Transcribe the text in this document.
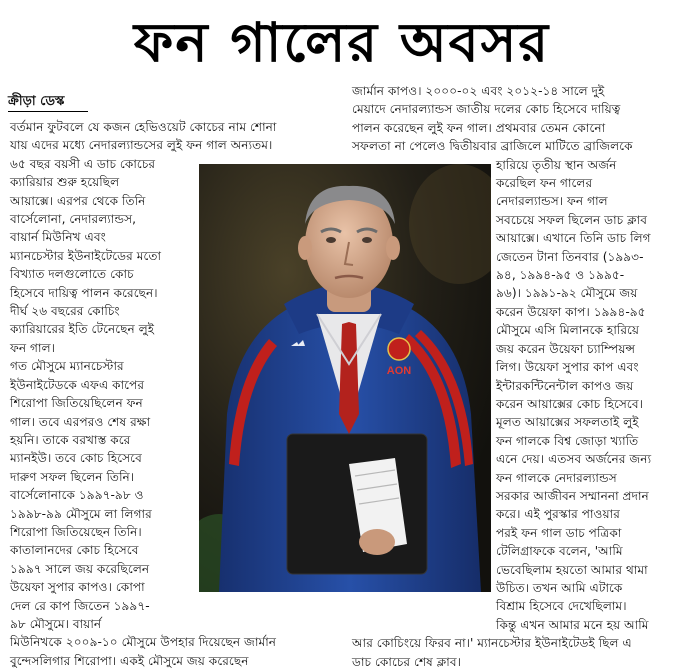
ফন গালের অবসর
ক্রীড়া ডেস্ক
বর্তমান ফুটবলে যে কজন হেভিওয়েট কোচের নাম শোনা
যায় এদের মধ্যে নেদারল্যান্ডসের লুই ফন গাল অন্যতম।
৬৫ বছর বয়সী এ ডাচ কোচের
ক্যারিয়ার শুরু হয়েছিল
আয়াক্সে। এরপর থেকে তিনি
বার্সেলোনা, নেদারল্যান্ডস,
বায়ার্ন মিউনিখ এবং
ম্যানচেস্টার ইউনাইটেডের মতো
বিখ্যাত দলগুলোতে কোচ
হিসেবে দায়িত্ব পালন করেছেন।
দীর্ঘ ২৬ বছরের কোচিং
ক্যারিয়ারের ইতি টেনেছেন লুই
ফন গাল।
গত মৌসুমে ম্যানচেস্টার
ইউনাইটেডকে এফএ কাপের
শিরোপা জিতিয়েছিলেন ফন
গাল। তবে এরপরও শেষ রক্ষা
হয়নি। তাকে বরখাস্ত করে
ম্যানইউ। তবে কোচ হিসেবে
দারুণ সফল ছিলেন তিনি।
বার্সেলোনাকে ১৯৯৭-৯৮ ও
১৯৯৮-৯৯ মৌসুমে লা লিগার
শিরোপা জিতিয়েছেন তিনি।
কাতালানদের কোচ হিসেবে
১৯৯৭ সালে জয় করেছিলেন
উয়েফা সুপার কাপও। কোপা
দেল রে কাপ জিতেন ১৯৯৭-
৯৮ মৌসুমে। বায়ার্ন
মিউনিখকে ২০০৯-১০ মৌসুমে উপহার দিয়েছেন জার্মান
বুন্দেসলিগার শিরোপা। একই মৌসুমে জয় করেছেন
জার্মান কাপও। ২০০০-০২ এবং ২০১২-১৪ সালে দুই
মেয়াদে নেদারল্যান্ডস জাতীয় দলের কোচ হিসেবে দায়িত্ব
পালন করেছেন লুই ফন গাল। প্রথমবার তেমন কোনো
সফলতা না পেলেও দ্বিতীয়বার ব্রাজিলে মাটিতে ব্রাজিলকে
হারিয়ে তৃতীয় স্থান অর্জন
করেছিল ফন গালের
নেদারল্যান্ডস। ফন গাল
সবচেয়ে সফল ছিলেন ডাচ ক্লাব
আয়াক্সে। এখানে তিনি ডাচ লিগ
জেতেন টানা তিনবার (১৯৯৩-
৯৪, ১৯৯৪-৯৫ ও ১৯৯৫-
৯৬)। ১৯৯১-৯২ মৌসুমে জয়
করেন উয়েফা কাপ। ১৯৯৪-৯৫
মৌসুমে এসি মিলানকে হারিয়ে
জয় করেন উয়েফা চ্যাম্পিয়ন্স
লিগ। উয়েফা সুপার কাপ এবং
ইন্টারকন্টিনেন্টাল কাপও জয়
করেন আয়াক্সের কোচ হিসেবে।
মূলত আয়াক্সের সফলতাই লুই
ফন গালকে বিশ্ব জোড়া খ্যাতি
এনে দেয়। এতসব অর্জনের জন্য
ফন গালকে নেদারল্যান্ডস
সরকার আজীবন সম্মাননা প্রদান
করে। এই পুরস্কার পাওয়ার
পরই ফন গাল ডাচ পত্রিকা
টেলিগ্রাফকে বলেন, 'আমি
ভেবেছিলাম হয়তো আমার থামা
উচিত। তখন আমি এটাকে
বিশ্রাম হিসেবে দেখেছিলাম।
কিন্তু এখন আমার মনে হয় আমি
আর কোচিংয়ে ফিরব না।' ম্যানচেস্টার ইউনাইটেডই ছিল এ
ডাচ কোচের শেষ ক্লাব।
AON
